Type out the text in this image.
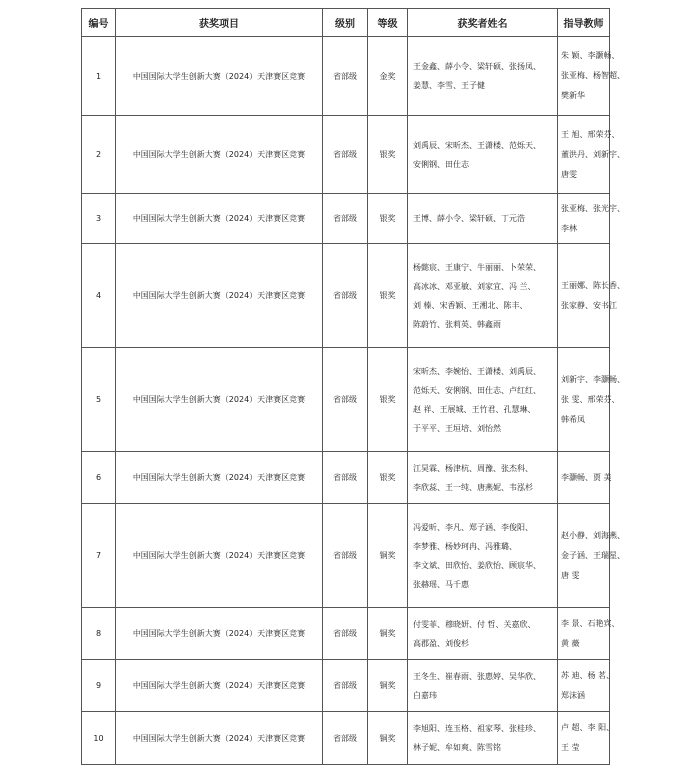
编号	获奖项目	级别	等级	获奖者姓名	指导教师
1	中国国际大学生创新大赛（2024）天津赛区竞赛	省部级	金奖	王金鑫、薛小令、梁轩硕、张扬凤、
姜慧、李雪、王子健	朱 颖、李灏畅、
张亚梅、杨智超、
樊新华

2	中国国际大学生创新大赛（2024）天津赛区竞赛	省部级	银奖	刘禹辰、宋昕杰、王潇楼、范烁天、
安俐钢、田仕志	王 旭、邢荣芬、
董洪丹、刘新宇、
唐雯

3	中国国际大学生创新大赛（2024）天津赛区竞赛	省部级	银奖	王博、薛小令、梁轩硕、丁元浩	张亚梅、张光宇、
李林

4	中国国际大学生创新大赛（2024）天津赛区竞赛	省部级	银奖	杨懿宸、王康宁、牛丽丽、卜荣荣、
高冰冰、邓亚敏、刘家宜、冯 兰、
刘 榛、宋香颖、王湘北、陈丰、
陈蔚竹、张莉英、韩鑫雨	王丽娜、陈长香、
张家静、安书江

5	中国国际大学生创新大赛（2024）天津赛区竞赛	省部级	银奖	宋昕杰、李婉怡、王潇楼、刘禹辰、
范烁天、安俐钢、田仕志、卢红红、
赵 祥、王展城、王竹君、孔慧琳、
于平平、王垣培、刘怡然	刘新宇、李灏畅、
张 雯、邢荣芬、
韩希凤

6	中国国际大学生创新大赛（2024）天津赛区竞赛	省部级	银奖	江昊霖、杨津杭、周豫、张杰科、
李欣蕊、王一纯、唐燕妮、韦泓杉	李灏畅、贾 美

7	中国国际大学生创新大赛（2024）天津赛区竞赛	省部级	铜奖	冯爱昕、李凡、郑子涵、李俊阳、
李梦雅、杨妙珂冉、冯雅璐、
李文斌、田欣怡、姜欣怡、顾宸华、
张赫瑶、马千惠	赵小静、刘海燕、
金子涵、王瑞星、
唐 雯

8	中国国际大学生创新大赛（2024）天津赛区竞赛	省部级	铜奖	付雯菲、穆晓妍、付 哲、关嘉欣、
高郡盈、刘俊杉	李 景、石艳宾、
黄 薇

9	中国国际大学生创新大赛（2024）天津赛区竞赛	省部级	铜奖	王冬生、崔春雨、张惠婷、吴华欣、
白嘉玮	苏 迪、杨 茗、
郑沫涵

10	中国国际大学生创新大赛（2024）天津赛区竞赛	省部级	铜奖	李旭阳、连玉格、祖家琴、张桂珍、
林子妮、牟如爽、陈雪铭	卢 超、李 阳、
王 莹
